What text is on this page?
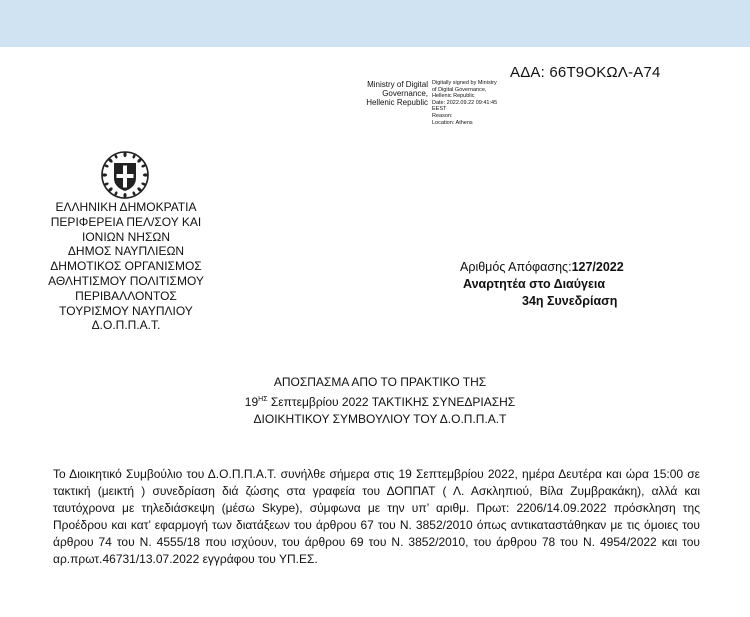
ΑΔΑ: 66Τ9ΟΚΩΛ-Α74
Ministry of Digital
Governance,
Hellenic Republic
Digitally signed by Ministry
of Digital Governance,
Hellenic Republic
Date: 2022.09.22 09:41:45
EEST
Reason:
Location: Athens
ΕΛΛΗΝΙΚΗ ΔΗΜΟΚΡΑΤΙΑ
ΠΕΡΙΦΕΡΕΙΑ ΠΕΛ/ΣΟΥ ΚΑΙ
ΙΟΝΙΩΝ ΝΗΣΩΝ
ΔΗΜΟΣ ΝΑΥΠΛΙΕΩΝ
ΔΗΜΟΤΙΚΟΣ ΟΡΓΑΝΙΣΜΟΣ
ΑΘΛΗΤΙΣΜΟΥ ΠΟΛΙΤΙΣΜΟΥ
ΠΕΡΙΒΑΛΛΟΝΤΟΣ
ΤΟΥΡΙΣΜΟΥ ΝΑΥΠΛΙΟΥ
Δ.Ο.Π.Π.Α.Τ.
Αριθμός Απόφασης:127/2022
Αναρτητέα στο Διαύγεια
34η Συνεδρίαση
ΑΠΟΣΠΑΣΜΑ ΑΠΟ ΤΟ ΠΡΑΚΤΙΚΟ ΤΗΣ
$19^{H\Sigma}$ Σεπτεμβρίου 2022 ΤΑΚΤΙΚΗΣ ΣΥΝΕΔΡΙΑΣΗΣ
ΔΙΟΙΚΗΤΙΚΟΥ ΣΥΜΒΟΥΛΙΟΥ ΤΟΥ Δ.Ο.Π.Π.Α.Τ
Το Διοικητικό Συμβούλιο του Δ.Ο.Π.Π.Α.Τ. συνήλθε σήμερα στις 19 Σεπτεμβρίου 2022, ημέρα Δευτέρα και ώρα 15:00 σε τακτική (μεικτή ) συνεδρίαση διά ζώσης στα γραφεία του ΔΟΠΠΑΤ ( Λ. Ασκληπιού, Βίλα Ζυμβρακάκη), αλλά και ταυτόχρονα με τηλεδιάσκεψη (μέσω Skype), σύμφωνα με την υπ’ αριθμ. Πρωτ: 2206/14.09.2022 πρόσκληση της Προέδρου και κατ’ εφαρμογή των διατάξεων του άρθρου 67 του Ν. 3852/2010 όπως αντικαταστάθηκαν με τις όμοιες του άρθρου 74 του Ν. 4555/18 που ισχύουν, του άρθρου 69 του Ν. 3852/2010, του άρθρου 78 του Ν. 4954/2022 και του αρ.πρωτ.46731/13.07.2022 εγγράφου του ΥΠ.ΕΣ.
